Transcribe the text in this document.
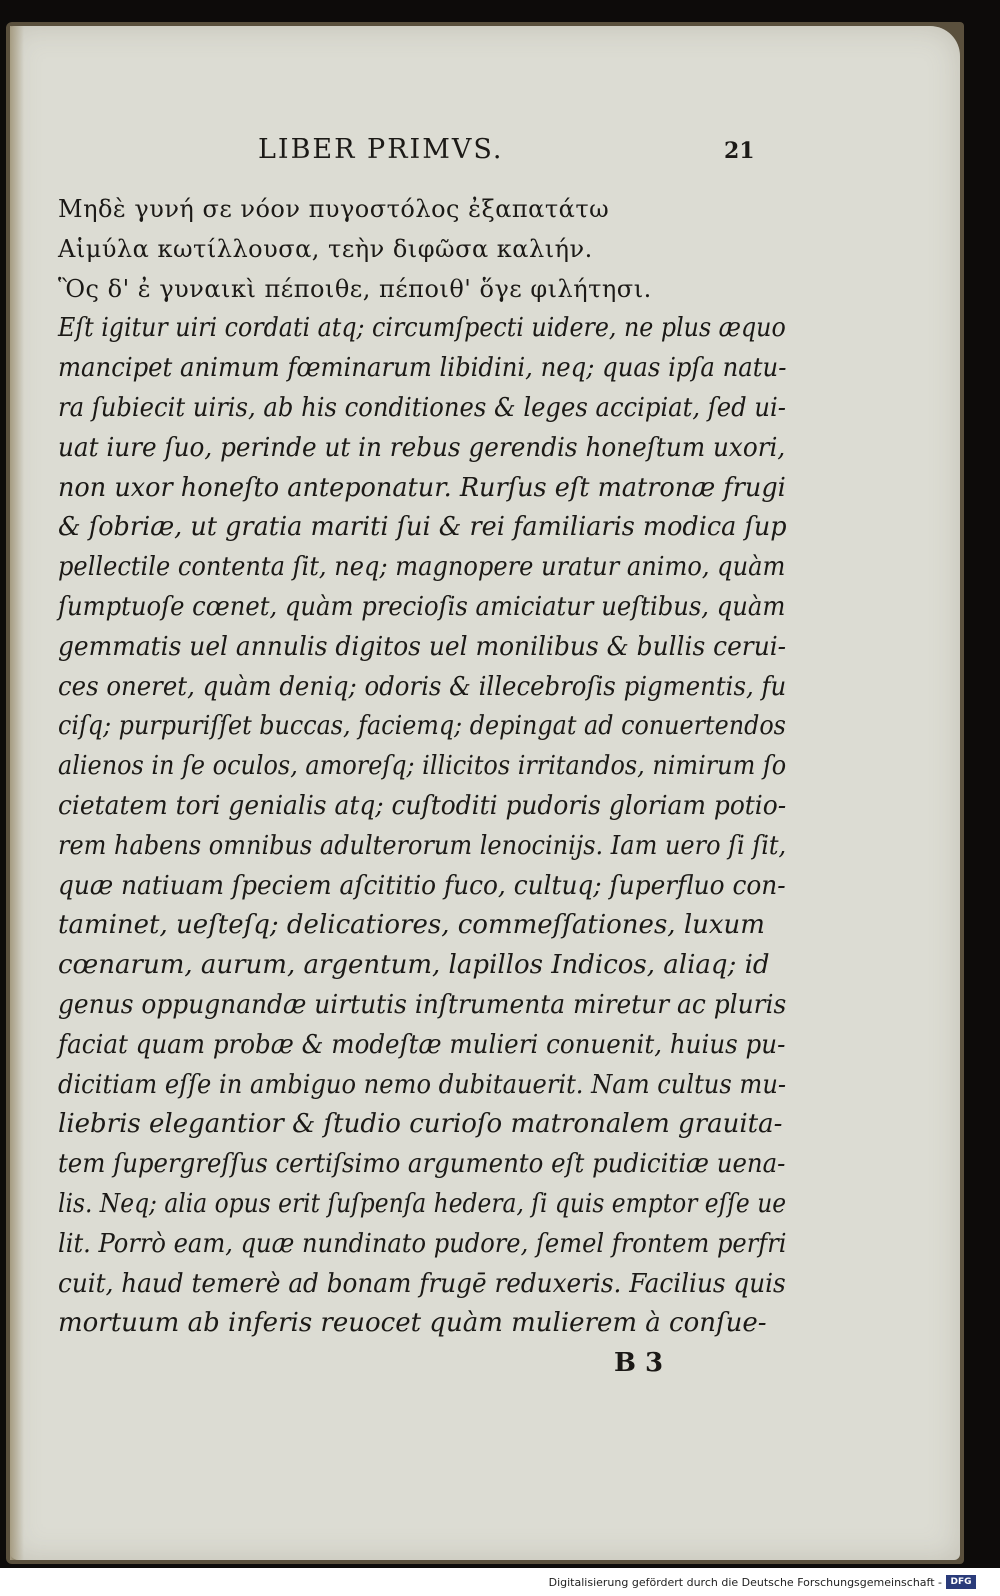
LIBER PRIMVS.	21
Μηδὲ γυνή σε νόον πυγοστόλος ἐξαπατάτω
Αἱμύλα κωτίλλουσα, τεὴν διφῶσα καλιήν.
Ὃς δ' ἐ γυναικὶ πέποιθε, πέποιθ' ὅγε φιλήτησι.
Eſt igitur uiri cordati atq; circumſpecti uidere, ne plus æquo
mancipet animum fœminarum libidini, neq; quas ipſa natu-
ra ſubiecit uiris, ab his conditiones & leges accipiat, ſed ui-
uat iure ſuo, perinde ut in rebus gerendis honeſtum uxori,
non uxor honeſto anteponatur. Rurſus eſt matronæ frugi
& ſobriæ, ut gratia mariti ſui & rei familiaris modica ſup
pellectile contenta ſit, neq; magnopere uratur animo, quàm
ſumptuoſe cœnet, quàm precioſis amiciatur ueſtibus, quàm
gemmatis uel annulis digitos uel monilibus & bullis cerui-
ces oneret, quàm deniq; odoris & illecebroſis pigmentis, fu
ciſq; purpuriſſet buccas, faciemq; depingat ad conuertendos
alienos in ſe oculos, amoreſq; illicitos irritandos, nimirum ſo
cietatem tori genialis atq; cuſtoditi pudoris gloriam potio-
rem habens omnibus adulterorum lenocinijs. Iam uero ſi ſit,
quæ natiuam ſpeciem aſcititio fuco, cultuq; ſuperfluo con-
taminet, ueſteſq; delicatiores, commeſſationes, luxum
cœnarum, aurum, argentum, lapillos Indicos, aliaq; id
genus oppugnandæ uirtutis inſtrumenta miretur ac pluris
faciat quam probæ & modeſtæ mulieri conuenit, huius pu-
dicitiam eſſe in ambiguo nemo dubitauerit. Nam cultus mu-
liebris elegantior & ſtudio curioſo matronalem grauita-
tem ſupergreſſus certiſsimo argumento eſt pudicitiæ uena-
lis. Neq; alia opus erit ſuſpenſa hedera, ſi quis emptor eſſe ue
lit. Porrò eam, quæ nundinato pudore, ſemel frontem perfri
cuit, haud temerè ad bonam frugē reduxeris. Facilius quis
mortuum ab inferis reuocet quàm mulierem à conſue-
B 3
Digitalisierung gefördert durch die Deutsche Forschungsgemeinschaft - DFG
